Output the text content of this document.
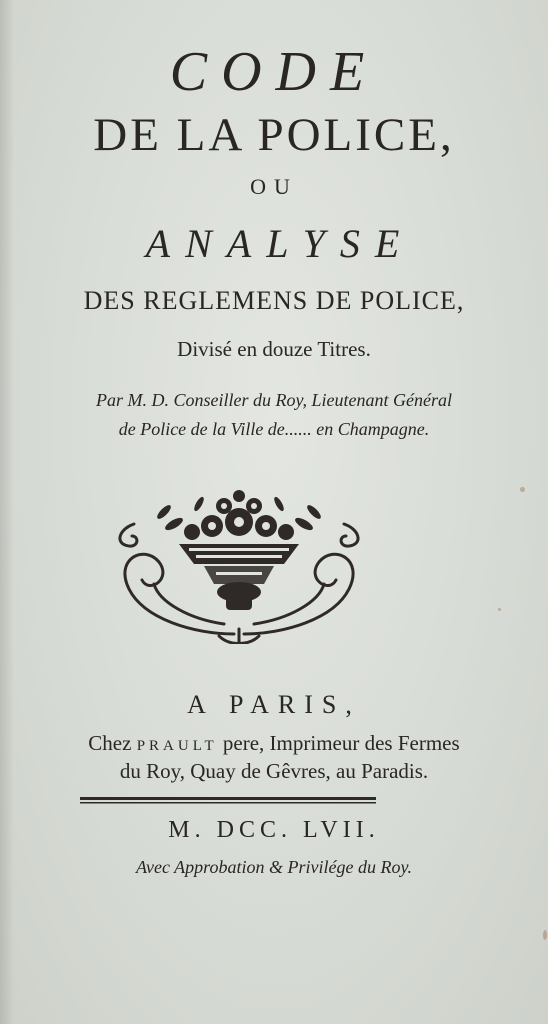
CODE
DE LA POLICE,
OU
ANALYSE
DES REGLEMENS DE POLICE,
Divisé en douze Titres.
Par M. D. Conseiller du Roy, Lieutenant Général
de Police de la Ville de...... en Champagne.
A PARIS,
Chez PRAULT pere, Imprimeur des Fermes
du Roy, Quay de Gêvres, au Paradis.
M. DCC. LVII.
Avec Approbation & Privilége du Roy.
